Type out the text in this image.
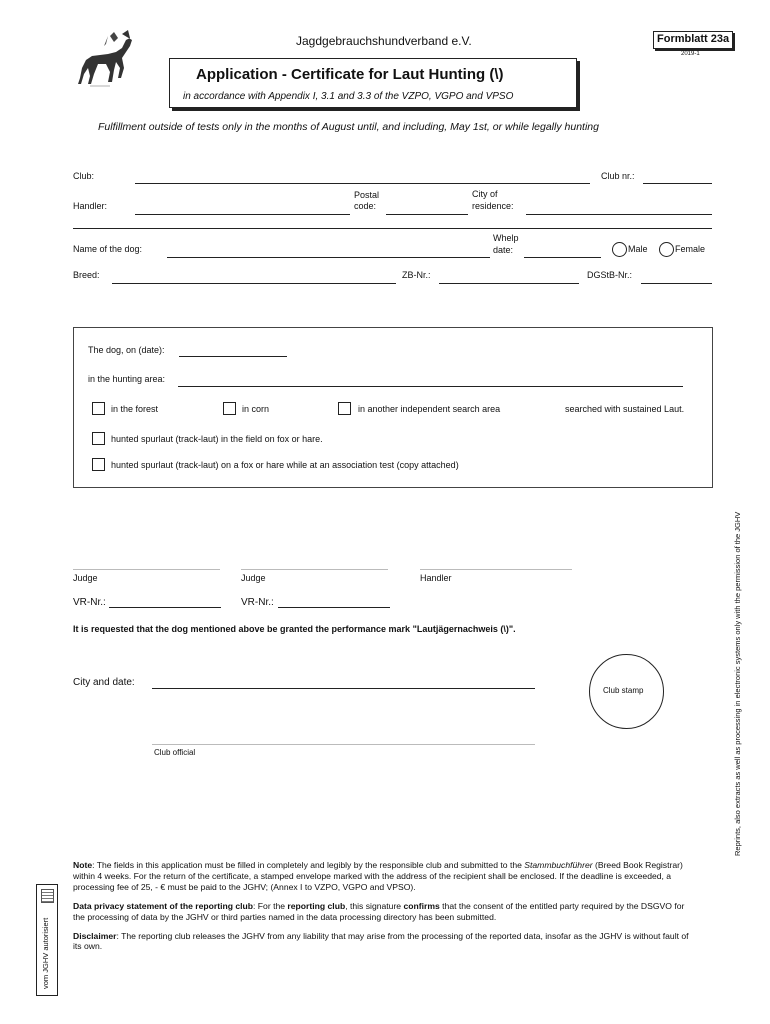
Jagdgebrauchshundverband e.V.	Formblatt 23a
2019-1
Application - Certificate for Laut Hunting (\)
in accordance with Appendix I, 3.1 and 3.3 of the VZPO, VGPO and VPSO
Fulfillment outside of tests only in the months of August until, and including, May 1st, or while legally hunting
Club:	Club nr.:
Handler:
Postal
code:
City of
residence:
Name of the dog:
Whelp
date:	Male	Female
Breed:	ZB-Nr.:	DGStB-Nr.:
The dog, on (date):
in the hunting area:
in the forest	in corn	in another independent search area	searched with sustained Laut.
hunted spurlaut (track-laut) in the field on fox or hare.
hunted spurlaut (track-laut) on a fox or hare while at an association test (copy attached)
Judge	Judge	Handler
VR-Nr.:	VR-Nr.:
It is requested that the dog mentioned above be granted the performance mark "Lautjägernachweis (\)".
City and date:
Club stamp
Club official	Reprints, also extracts as well as processing in electronic systems only with the permission of the JGHV
vom JGHV autorisiert

Note: The fields in this application must be filled in completely and legibly by the responsible club and submitted to the Stammbuchführer (Breed Book Registrar) within 4 weeks. For the return of the certificate, a stamped envelope marked with the address of the recipient shall be enclosed. If the deadline is exceeded, a processing fee of 25, - € must be paid to the JGHV; (Annex I to VZPO, VGPO and VPSO).

Data privacy statement of the reporting club: For the reporting club, this signature confirms that the consent of the entitled party required by the DSGVO for the processing of data by the JGHV or third parties named in the data processing directory has been submitted.

Disclaimer: The reporting club releases the JGHV from any liability that may arise from the processing of the reported data, insofar as the JGHV is without fault of its own.
